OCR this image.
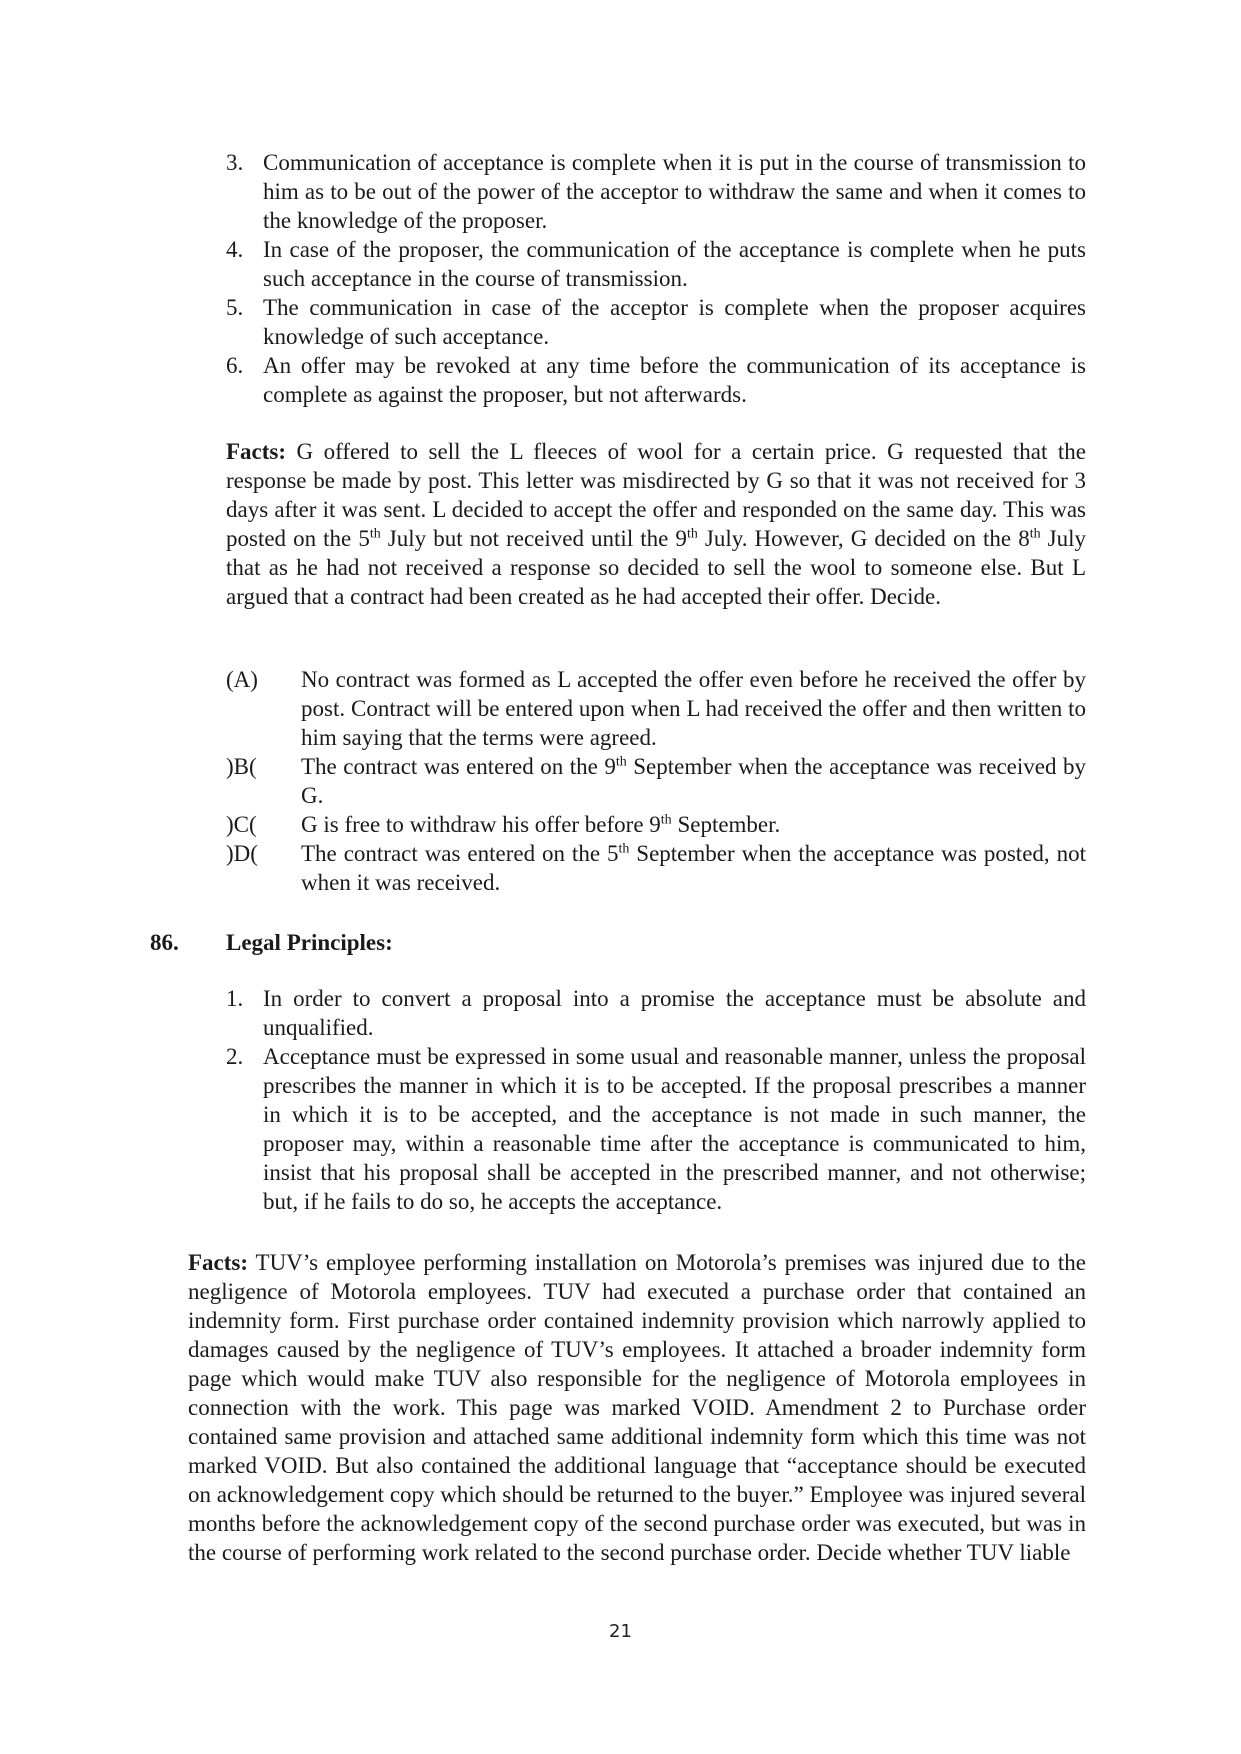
3. Communication of acceptance is complete when it is put in the course of transmission to him as to be out of the power of the acceptor to withdraw the same and when it comes to the knowledge of the proposer.
4. In case of the proposer, the communication of the acceptance is complete when he puts such acceptance in the course of transmission.
5. The communication in case of the acceptor is complete when the proposer acquires knowledge of such acceptance.
6. An offer may be revoked at any time before the communication of its acceptance is complete as against the proposer, but not afterwards.

Facts: G offered to sell the L fleeces of wool for a certain price. G requested that the response be made by post. This letter was misdirected by G so that it was not received for 3 days after it was sent. L decided to accept the offer and responded on the same day. This was posted on the 5th July but not received until the 9th July. However, G decided on the 8th July that as he had not received a response so decided to sell the wool to someone else. But L argued that a contract had been created as he had accepted their offer. Decide.

(A) No contract was formed as L accepted the offer even before he received the offer by post. Contract will be entered upon when L had received the offer and then written to him saying that the terms were agreed.
)B( The contract was entered on the 9th September when the acceptance was received by G.
)C( G is free to withdraw his offer before 9th September.
)D( The contract was entered on the 5th September when the acceptance was posted, not when it was received.
86. Legal Principles:
1. In order to convert a proposal into a promise the acceptance must be absolute and unqualified.
2. Acceptance must be expressed in some usual and reasonable manner, unless the proposal prescribes the manner in which it is to be accepted. If the proposal prescribes a manner in which it is to be accepted, and the acceptance is not made in such manner, the proposer may, within a reasonable time after the acceptance is communicated to him, insist that his proposal shall be accepted in the prescribed manner, and not otherwise; but, if he fails to do so, he accepts the acceptance.

Facts: TUV’s employee performing installation on Motorola’s premises was injured due to the negligence of Motorola employees. TUV had executed a purchase order that contained an indemnity form. First purchase order contained indemnity provision which narrowly applied to damages caused by the negligence of TUV’s employees. It attached a broader indemnity form page which would make TUV also responsible for the negligence of Motorola employees in connection with the work. This page was marked VOID. Amendment 2 to Purchase order contained same provision and attached same additional indemnity form which this time was not marked VOID. But also contained the additional language that “acceptance should be executed on acknowledgement copy which should be returned to the buyer.” Employee was injured several months before the acknowledgement copy of the second purchase order was executed, but was in the course of performing work related to the second purchase order. Decide whether TUV liable

21
